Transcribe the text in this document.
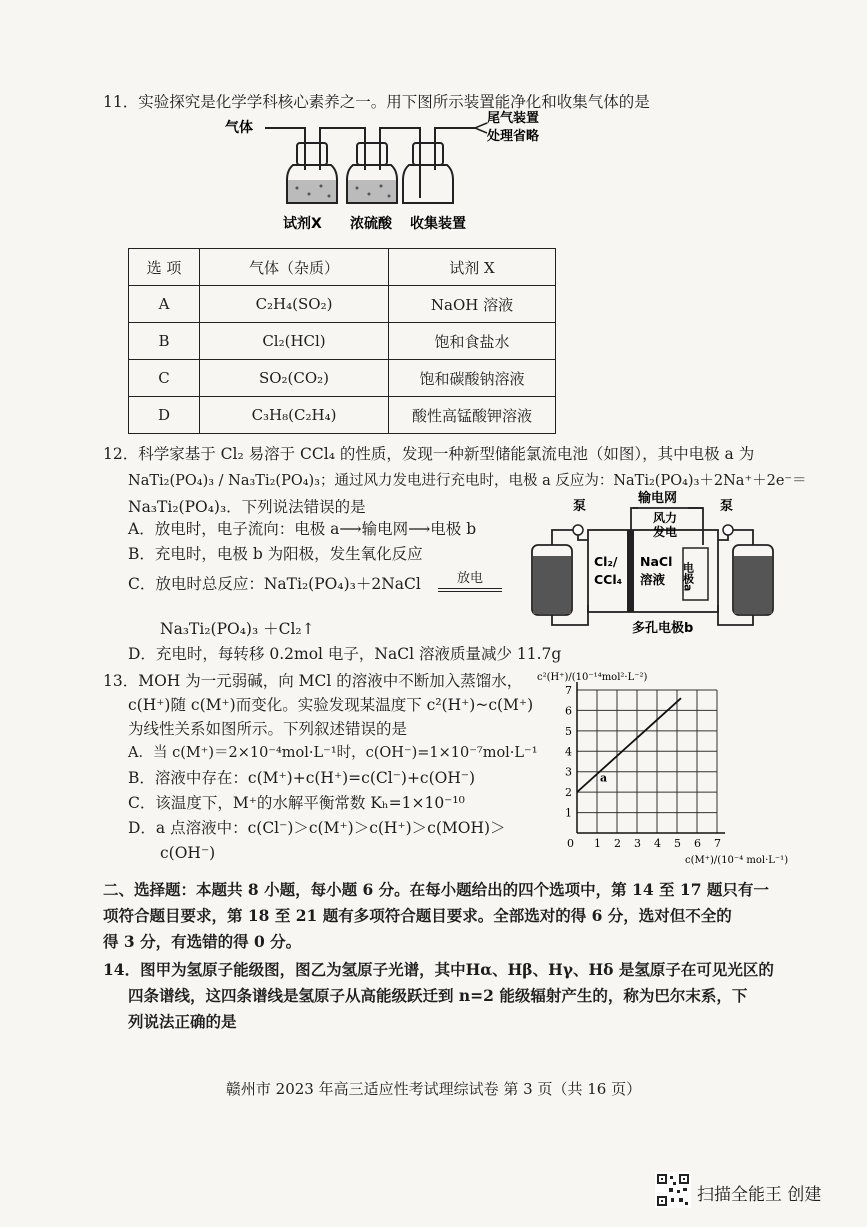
11．实验探究是化学学科核心素养之一。用下图所示装置能净化和收集气体的是
气体
尾气装置
处理省略
试剂X 浓硫酸 收集装置
选 项	气体（杂质）	试剂 X
A	C₂H₄(SO₂)	NaOH 溶液
B	Cl₂(HCl)	饱和食盐水
C	SO₂(CO₂)	饱和碳酸钠溶液
D	C₃H₈(C₂H₄)	酸性高锰酸钾溶液
12．科学家基于 Cl₂ 易溶于 CCl₄ 的性质，发现一种新型储能氯流电池（如图），其中电极 a 为
NaTi₂(PO₄)₃ / Na₃Ti₂(PO₄)₃；通过风力发电进行充电时，电极 a 反应为：NaTi₂(PO₄)₃＋2Na⁺＋2e⁻＝
Na₃Ti₂(PO₄)₃．下列说法错误的是
A．放电时，电子流向：电极 a⟶输电网⟶电极 b
B．充电时，电极 b 为阳极，发生氧化反应
C．放电时总反应：NaTi₂(PO₄)₃＋2NaCl	放电
Na₃Ti₂(PO₄)₃ ＋Cl₂↑
D．充电时，每转移 0.2mol 电子，NaCl 溶液质量减少 11.7g
泵	泵
输电网
风力
发电
Cl₂/
CCl₄
NaCl
溶液 电极a
多孔电极b
13．MOH 为一元弱碱，向 MCl 的溶液中不断加入蒸馏水，
c(H⁺)随 c(M⁺)而变化。实验发现某温度下 c²(H⁺)~c(M⁺)
为线性关系如图所示。下列叙述错误的是
A．当 c(M⁺)＝2×10⁻⁴mol·L⁻¹时，c(OH⁻)=1×10⁻⁷mol·L⁻¹
B．溶液中存在：c(M⁺)+c(H⁺)=c(Cl⁻)+c(OH⁻)
C．该温度下，M⁺的水解平衡常数 Kₕ=1×10⁻¹⁰
D．a 点溶液中：c(Cl⁻)＞c(M⁺)＞c(H⁺)＞c(MOH)＞
c(OH⁻)
c²(H⁺)/(10⁻¹⁴mol²·L⁻²)
c(M⁺)/(10⁻⁴ mol·L⁻¹)
0 1 2 3 4 5 6 7
1
2
3
4
5
6
7
a
二、选择题：本题共 8 小题，每小题 6 分。在每小题给出的四个选项中，第 14 至 17 题只有一
项符合题目要求，第 18 至 21 题有多项符合题目要求。全部选对的得 6 分，选对但不全的
得 3 分，有选错的得 0 分。
14．图甲为氢原子能级图，图乙为氢原子光谱，其中Hα、Hβ、Hγ、Hδ 是氢原子在可见光区的
四条谱线，这四条谱线是氢原子从高能级跃迁到 n=2 能级辐射产生的，称为巴尔末系，下
列说法正确的是
赣州市 2023 年高三适应性考试理综试卷 第 3 页（共 16 页）
扫描全能王 创建
